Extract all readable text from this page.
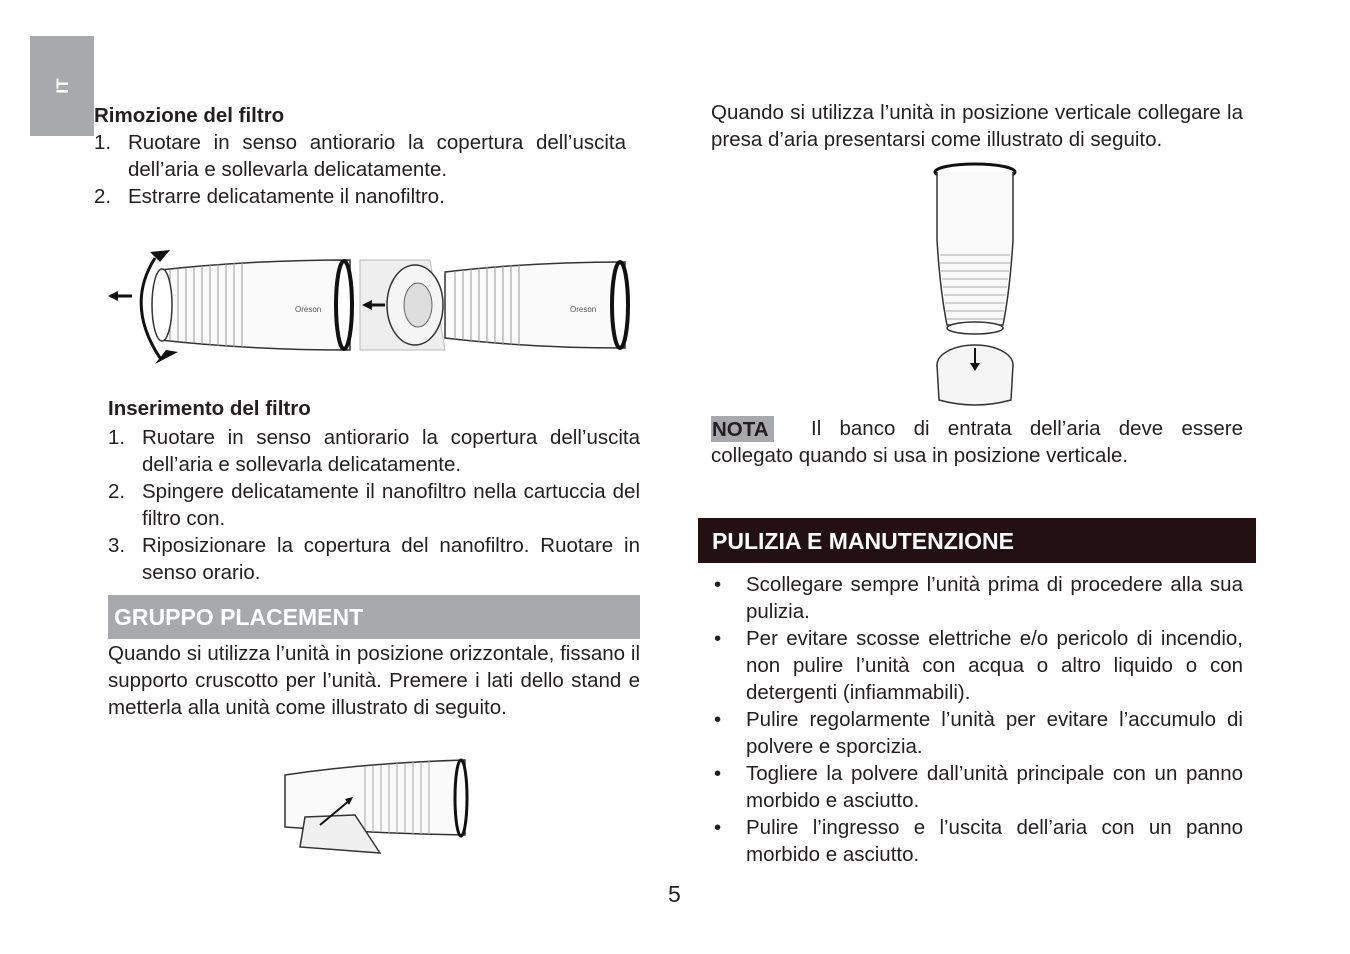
IT
Rimozione del filtro
1. Ruotare in senso antiorario la copertura dell’uscita dell’aria e sollevarla delicatamente.
2. Estrarre delicatamente il nanofiltro.
Oreson	Oreson
Inserimento del filtro
1. Ruotare in senso antiorario la copertura dell’uscita dell’aria e sollevarla delicatamente.
2. Spingere delicatamente il nanofiltro nella cartuccia del filtro con.
3. Riposizionare la copertura del nanofiltro. Ruotare in senso orario.
GRUPPO PLACEMENT
Quando si utilizza l’unità in posizione orizzontale, fissano il supporto cruscotto per l’unità. Premere i lati dello stand e metterla alla unità come illustrato di seguito.
Quando si utilizza l’unità in posizione verticale collegare la presa d’aria presentarsi come illustrato di seguito.
NOTA	Il banco di entrata dell’aria deve essere collegato quando si usa in posizione verticale.
PULIZIA E MANUTENZIONE
• Scollegare sempre l’unità prima di procedere alla sua pulizia.
• Per evitare scosse elettriche e/o pericolo di incendio, non pulire l’unità con acqua o altro liquido o con detergenti (infiammabili).
• Pulire regolarmente l’unità per evitare l’accumulo di polvere e sporcizia.
• Togliere la polvere dall’unità principale con un panno morbido e asciutto.
• Pulire l’ingresso e l’uscita dell’aria con un panno morbido e asciutto.
5
